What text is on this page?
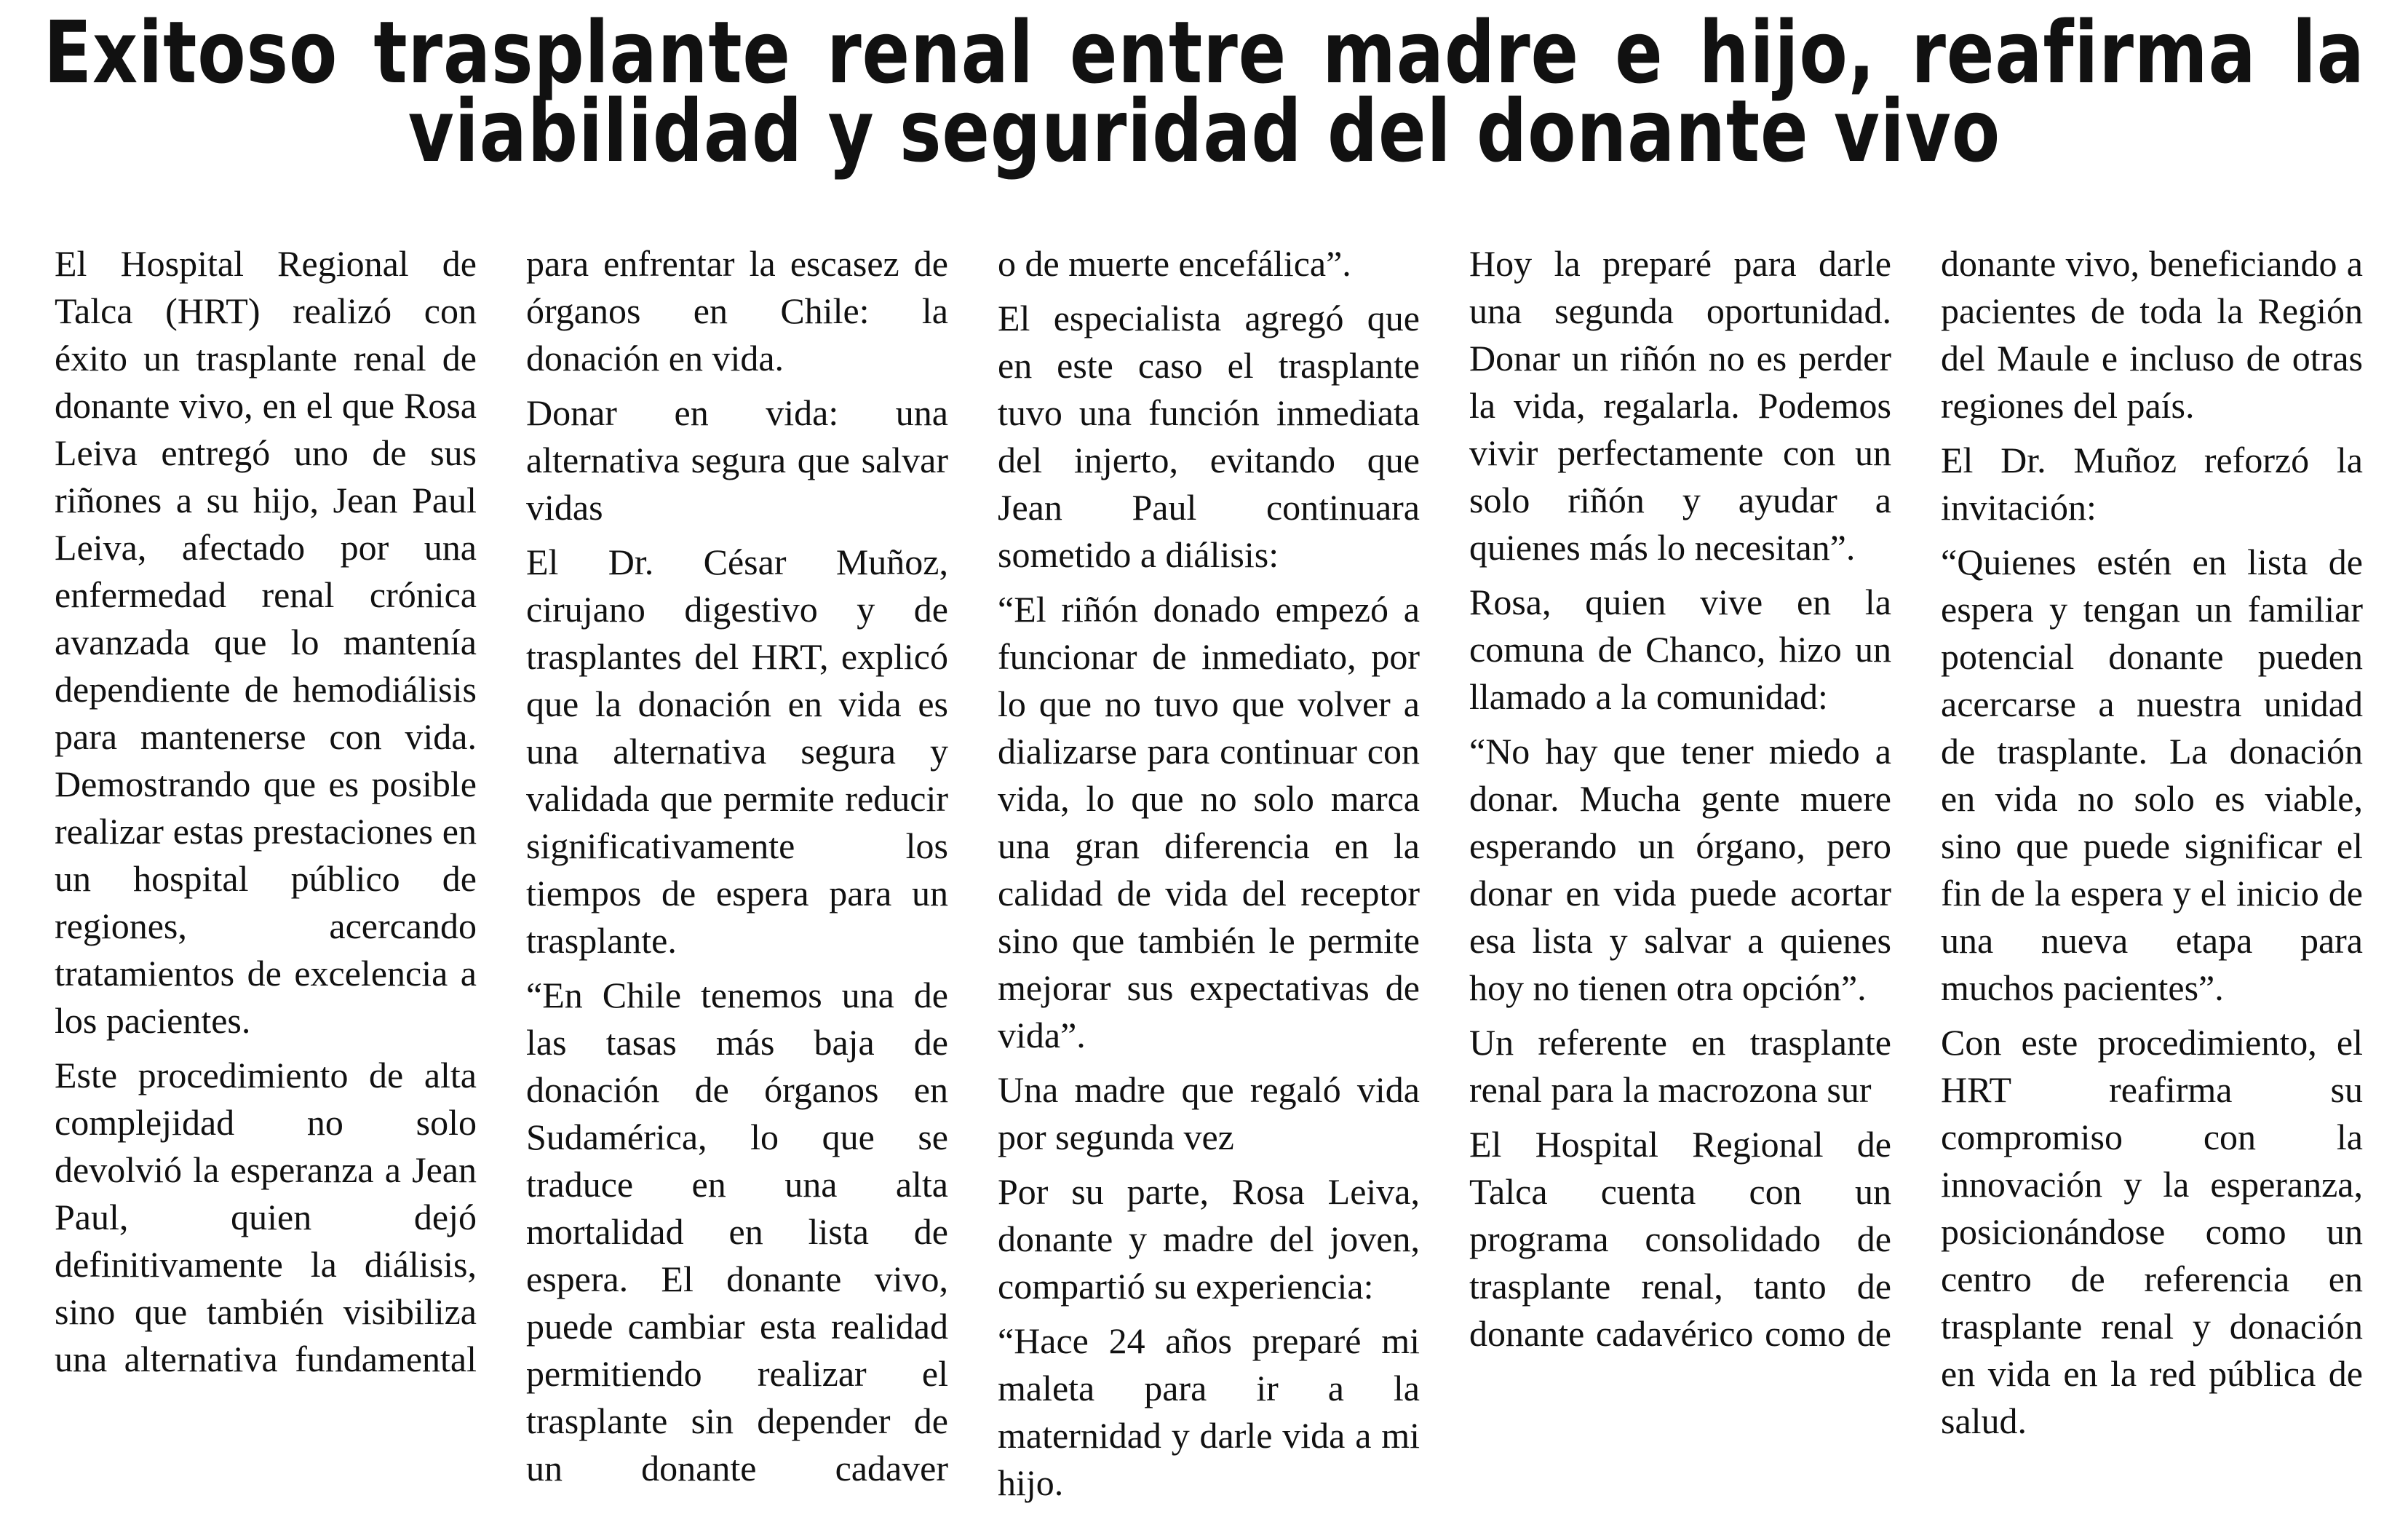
Exitoso trasplante renal entre madre e hijo, reafirma la
viabilidad y seguridad del donante vivo

El Hospital Regional de Talca (HRT) realizó con éxito un trasplante renal de donante vivo, en el que Rosa Leiva entregó uno de sus riñones a su hijo, Jean Paul Leiva, afectado por una enfermedad renal crónica avanzada que lo mantenía dependiente de hemodiálisis para mantenerse con vida. Demostrando que es posible realizar estas prestaciones en un hospital público de regiones, acercando tratamientos de excelencia a los pacientes.

Este procedimiento de alta complejidad no solo devolvió la esperanza a Jean Paul, quien dejó definitivamente la diálisis, sino que también visibiliza una alternativa fundamental

para enfrentar la escasez de órganos en Chile: la donación en vida.

Donar en vida: una alternativa segura que salvar vidas

El Dr. César Muñoz, cirujano digestivo y de trasplantes del HRT, explicó que la donación en vida es una alternativa segura y validada que permite reducir significativamente los tiempos de espera para un trasplante.

“En Chile tenemos una de las tasas más baja de donación de órganos en Sudamérica, lo que se traduce en una alta mortalidad en lista de espera. El donante vivo, puede cambiar esta realidad permitiendo realizar el trasplante sin depender de un donante cadaver

o de muerte encefálica”.

El especialista agregó que en este caso el trasplante tuvo una función inmediata del injerto, evitando que Jean Paul continuara sometido a diálisis:

“El riñón donado empezó a funcionar de inmediato, por lo que no tuvo que volver a dializarse para continuar con vida, lo que no solo marca una gran diferencia en la calidad de vida del receptor sino que también le permite mejorar sus expectativas de vida”.

Una madre que regaló vida por segunda vez

Por su parte, Rosa Leiva, donante y madre del joven, compartió su experiencia:

“Hace 24 años preparé mi maleta para ir a la maternidad y darle vida a mi hijo.

Hoy la preparé para darle una segunda oportunidad. Donar un riñón no es perder la vida, regalarla. Podemos vivir perfectamente con un solo riñón y ayudar a quienes más lo necesitan”.

Rosa, quien vive en la comuna de Chanco, hizo un llamado a la comunidad:

“No hay que tener miedo a donar. Mucha gente muere esperando un órgano, pero donar en vida puede acortar esa lista y salvar a quienes hoy no tienen otra opción”.

Un referente en trasplante renal para la macrozona sur

El Hospital Regional de Talca cuenta con un programa consolidado de trasplante renal, tanto de donante cadavérico como de

donante vivo, beneficiando a pacientes de toda la Región del Maule e incluso de otras regiones del país.

El Dr. Muñoz reforzó la invitación:

“Quienes estén en lista de espera y tengan un familiar potencial donante pueden acercarse a nuestra unidad de trasplante. La donación en vida no solo es viable, sino que puede significar el fin de la espera y el inicio de una nueva etapa para muchos pacientes”.

Con este procedimiento, el HRT reafirma su compromiso con la innovación y la esperanza, posicionándose como un centro de referencia en trasplante renal y donación en vida en la red pública de salud.
